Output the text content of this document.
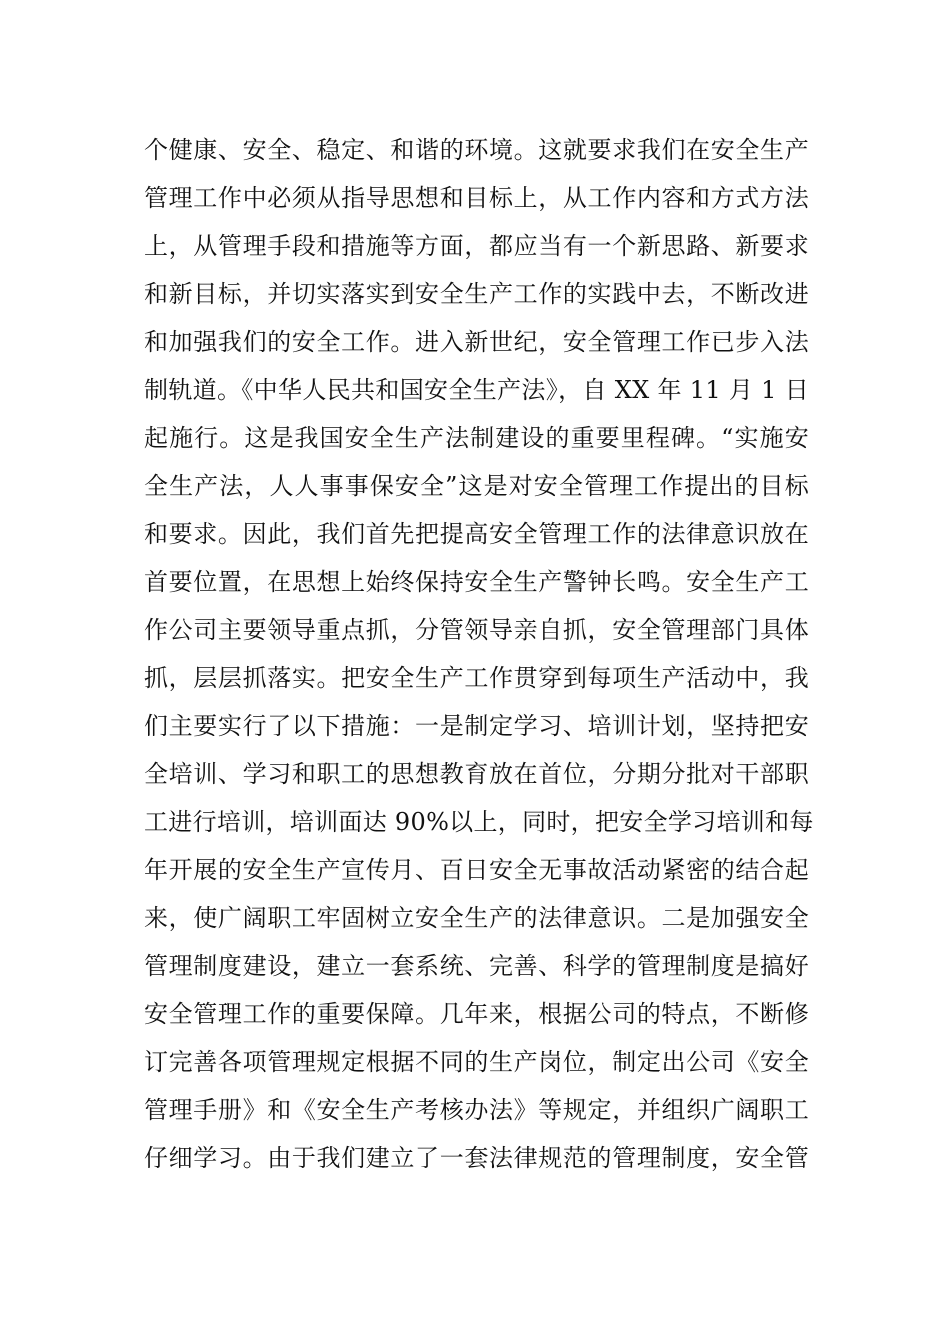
个健康、安全、稳定、和谐的环境。这就要求我们在安全生产
管理工作中必须从指导思想和目标上，从工作内容和方式方法
上，从管理手段和措施等方面，都应当有一个新思路、新要求
和新目标，并切实落实到安全生产工作的实践中去，不断改进
和加强我们的安全工作。进入新世纪，安全管理工作已步入法
制轨道。《中华人民共和国安全生产法》，自 XX 年 11 月 1 日
起施行。这是我国安全生产法制建设的重要里程碑。“实施安
全生产法，人人事事保安全”这是对安全管理工作提出的目标
和要求。因此，我们首先把提高安全管理工作的法律意识放在
首要位置，在思想上始终保持安全生产警钟长鸣。安全生产工
作公司主要领导重点抓，分管领导亲自抓，安全管理部门具体
抓，层层抓落实。把安全生产工作贯穿到每项生产活动中，我
们主要实行了以下措施：一是制定学习、培训计划，坚持把安
全培训、学习和职工的思想教育放在首位，分期分批对干部职
工进行培训，培训面达 90%以上，同时，把安全学习培训和每
年开展的安全生产宣传月、百日安全无事故活动紧密的结合起
来，使广阔职工牢固树立安全生产的法律意识。二是加强安全
管理制度建设，建立一套系统、完善、科学的管理制度是搞好
安全管理工作的重要保障。几年来，根据公司的特点，不断修
订完善各项管理规定根据不同的生产岗位，制定出公司《安全
管理手册》和《安全生产考核办法》等规定，并组织广阔职工
仔细学习。由于我们建立了一套法律规范的管理制度，安全管
